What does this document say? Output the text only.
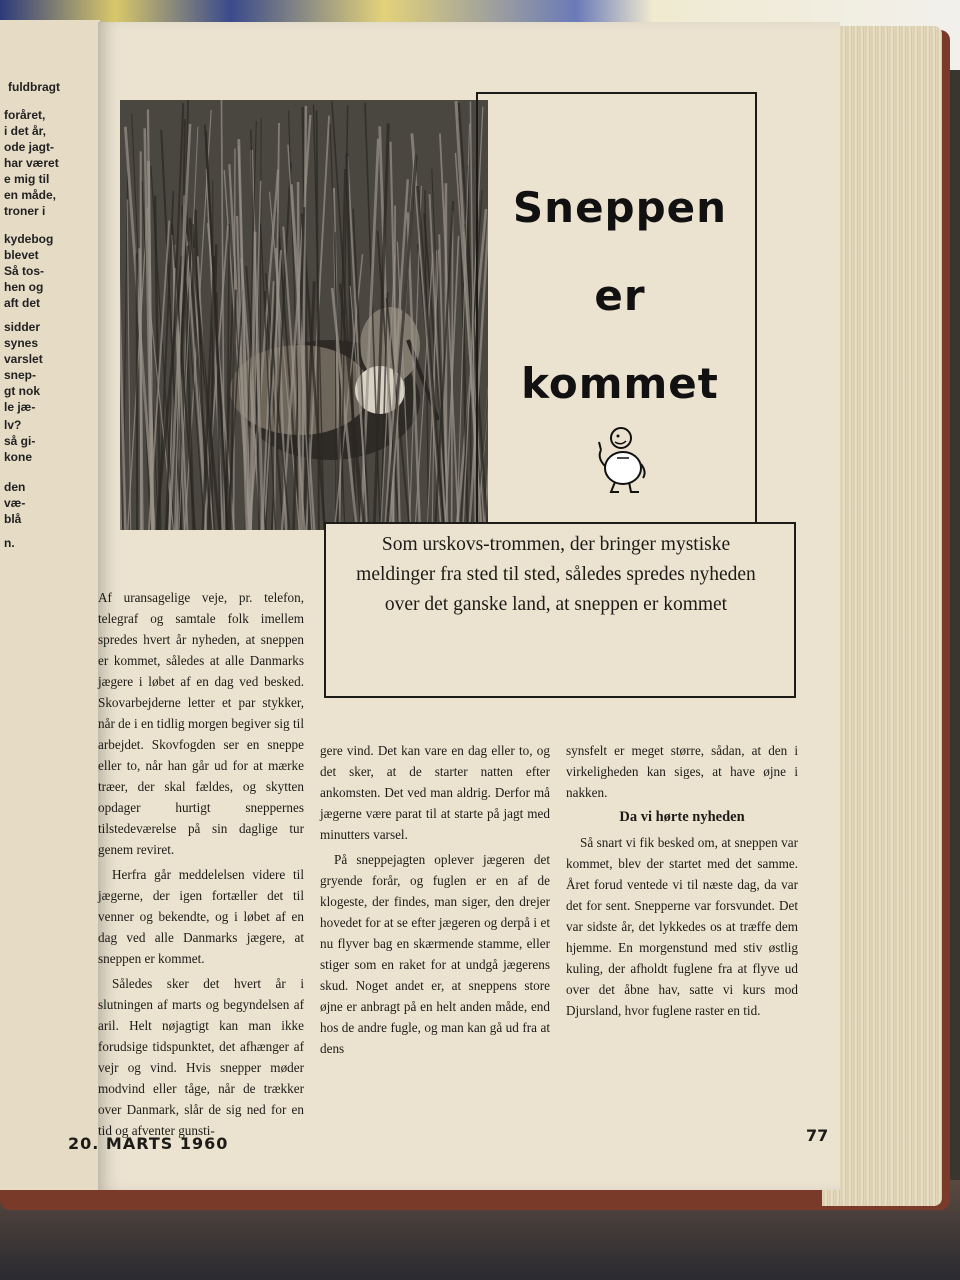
fuldbragt
foråret,
i det år,
ode jagt-
har været
e mig til
en måde,
troner i
kydebog
blevet
Så tos-
hen og
aft det
sidder
synes
varslet
snep-
gt nok
le jæ-
lv?
så gi-
kone
den
væ-
blå
n.
Sneppen
er
kommet
Som urskovs-trommen, der bringer mystiske meldinger fra sted til sted, således spredes nyheden over det ganske land, at sneppen er kommet

Af uransagelige veje, pr. telefon, telegraf og samtale folk imellem spredes hvert år nyheden, at sneppen er kommet, således at alle Danmarks jægere i løbet af en dag ved besked. Skovarbejderne letter et par stykker, når de i en tidlig morgen begiver sig til arbejdet. Skovfogden ser en sneppe eller to, når han går ud for at mærke træer, der skal fældes, og skytten opdager hurtigt sneppernes tilstedeværelse på sin daglige tur genem reviret.

Herfra går meddelelsen videre til jægerne, der igen fortæller det til venner og bekendte, og i løbet af en dag ved alle Danmarks jægere, at sneppen er kommet.

Således sker det hvert år i slutningen af marts og begyndelsen af aril. Helt nøjagtigt kan man ikke forudsige tidspunktet, det afhænger af vejr og vind. Hvis snepper møder modvind eller tåge, når de trækker over Danmark, slår de sig ned for en tid og afventer gunsti-

gere vind. Det kan vare en dag eller to, og det sker, at de starter natten efter ankomsten. Det ved man aldrig. Derfor må jægerne være parat til at starte på jagt med minutters varsel.

På sneppejagten oplever jægeren det gryende forår, og fuglen er en af de klogeste, der findes, man siger, den drejer hovedet for at se efter jægeren og derpå i et nu flyver bag en skærmende stamme, eller stiger som en raket for at undgå jægerens skud. Noget andet er, at sneppens store øjne er anbragt på en helt anden måde, end hos de andre fugle, og man kan gå ud fra at dens

synsfelt er meget større, sådan, at den i virkeligheden kan siges, at have øjne i nakken.

Da vi hørte nyheden

Så snart vi fik besked om, at sneppen var kommet, blev der startet med det samme. Året forud ventede vi til næste dag, da var det for sent. Snepperne var forsvundet. Det var sidste år, det lykkedes os at træffe dem hjemme. En morgenstund med stiv østlig kuling, der afholdt fuglene fra at flyve ud over det åbne hav, satte vi kurs mod Djursland, hvor fuglene raster en tid.

20. MARTS 1960	77
